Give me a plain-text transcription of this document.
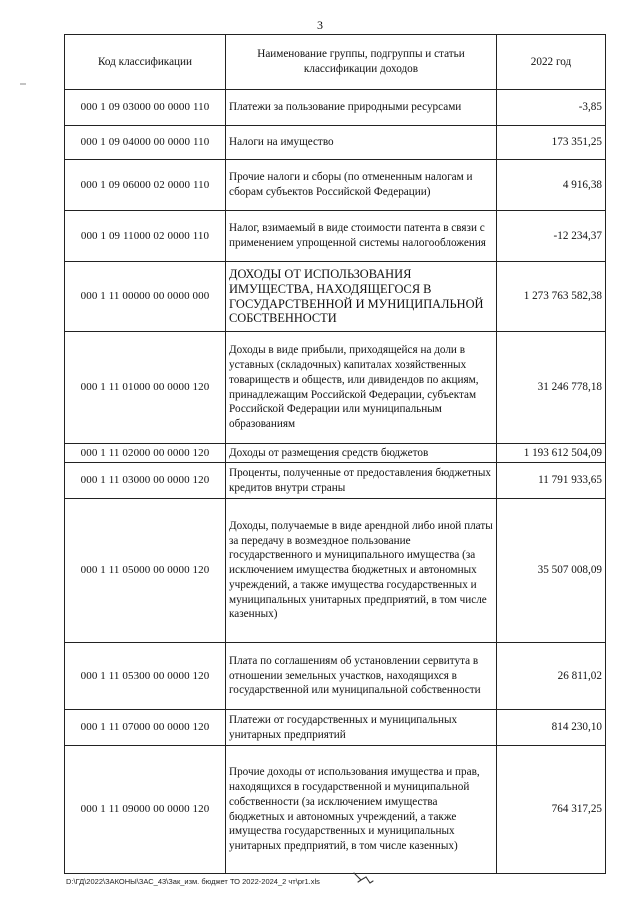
3
Код классификации	Наименование группы, подгруппы и статьи классификации доходов	2022 год
000 1 09 03000 00 0000 110	Платежи за пользование природными ресурсами	-3,85
000 1 09 04000 00 0000 110	Налоги на имущество	173 351,25
000 1 09 06000 02 0000 110	Прочие налоги и сборы (по отмененным налогам и сборам субъектов Российской Федерации)	4 916,38
000 1 09 11000 02 0000 110	Налог, взимаемый в виде стоимости патента в связи с применением упрощенной системы налогообложения	-12 234,37
000 1 11 00000 00 0000 000	ДОХОДЫ ОТ ИСПОЛЬЗОВАНИЯ ИМУЩЕСТВА, НАХОДЯЩЕГОСЯ В ГОСУДАРСТВЕННОЙ И МУНИЦИПАЛЬНОЙ СОБСТВЕННОСТИ	1 273 763 582,38
000 1 11 01000 00 0000 120	Доходы в виде прибыли, приходящейся на доли в уставных (складочных) капиталах хозяйственных товариществ и обществ, или дивидендов по акциям, принадлежащим Российской Федерации, субъектам Российской Федерации или муниципальным образованиям	31 246 778,18
000 1 11 02000 00 0000 120	Доходы от размещения средств бюджетов	1 193 612 504,09
000 1 11 03000 00 0000 120	Проценты, полученные от предоставления бюджетных кредитов внутри страны	11 791 933,65
000 1 11 05000 00 0000 120	Доходы, получаемые в виде арендной либо иной платы за передачу в возмездное пользование государственного и муниципального имущества (за исключением имущества бюджетных и автономных учреждений, а также имущества государственных и муниципальных унитарных предприятий, в том числе казенных)	35 507 008,09
000 1 11 05300 00 0000 120	Плата по соглашениям об установлении сервитута в отношении земельных участков, находящихся в государственной или муниципальной собственности	26 811,02
000 1 11 07000 00 0000 120	Платежи от государственных и муниципальных унитарных предприятий	814 230,10
000 1 11 09000 00 0000 120	Прочие доходы от использования имущества и прав, находящихся в государственной и муниципальной собственности (за исключением имущества бюджетных и автономных учреждений, а также имущества государственных и муниципальных унитарных предприятий, в том числе казенных)	764 317,25
D:\ГД\2022\ЗАКОНЫ\ЗАС_43\Зак_изм. бюджет ТО 2022-2024_2 чт\pr1.xls
